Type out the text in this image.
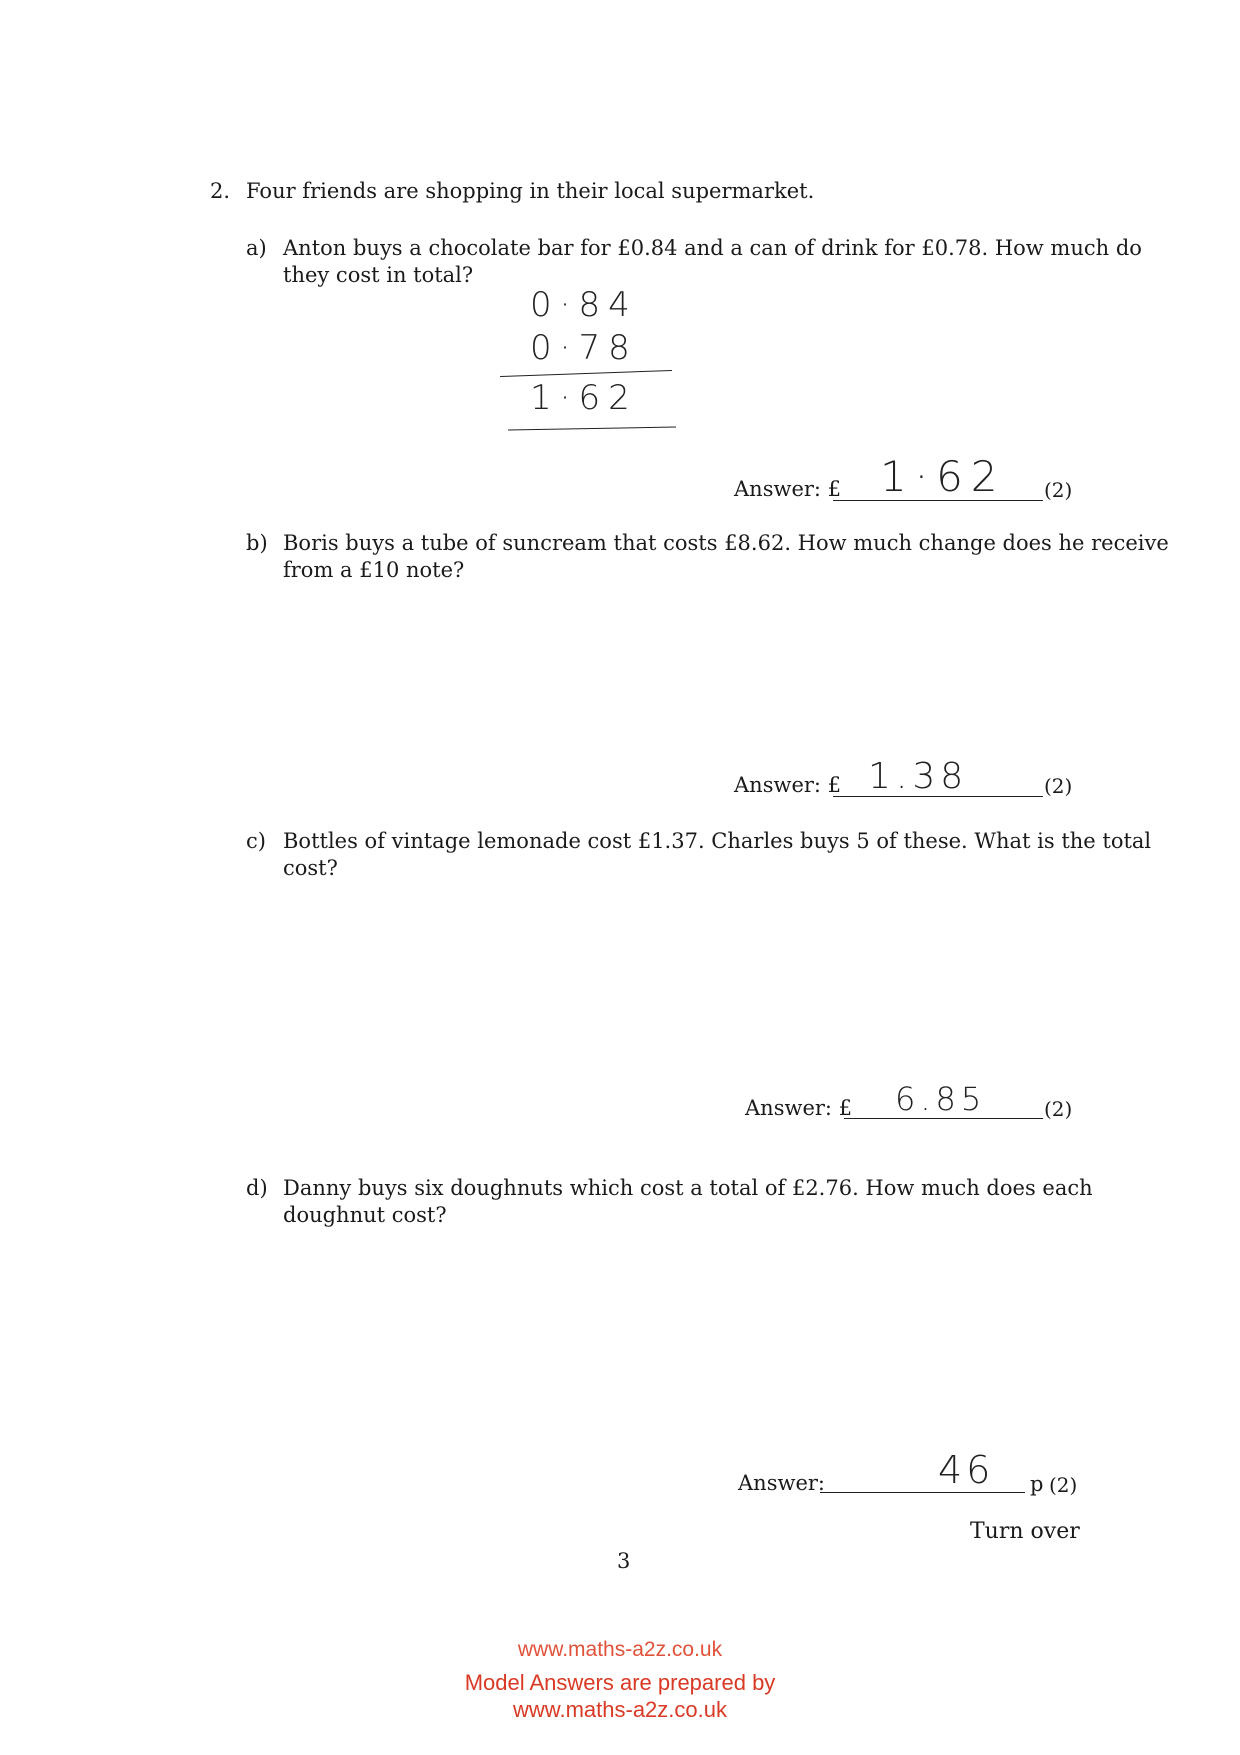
2. Four friends are shopping in their local supermarket.
a) Anton buys a chocolate bar for £0.84 and a can of drink for £0.78. How much do
they cost in total?
0·84
0·78
1·62
Answer: £ 1·62 (2)
b) Boris buys a tube of suncream that costs £8.62. How much change does he receive
from a £10 note?
Answer: £ 1.38	(2)
c) Bottles of vintage lemonade cost £1.37. Charles buys 5 of these. What is the total
cost?
Answer: £ 6.85	(2)
d) Danny buys six doughnuts which cost a total of £2.76. How much does each
doughnut cost?
Answer:	46 p (2)
Turn over
3
www.maths-a2z.co.uk
Model Answers are prepared by
www.maths-a2z.co.uk
